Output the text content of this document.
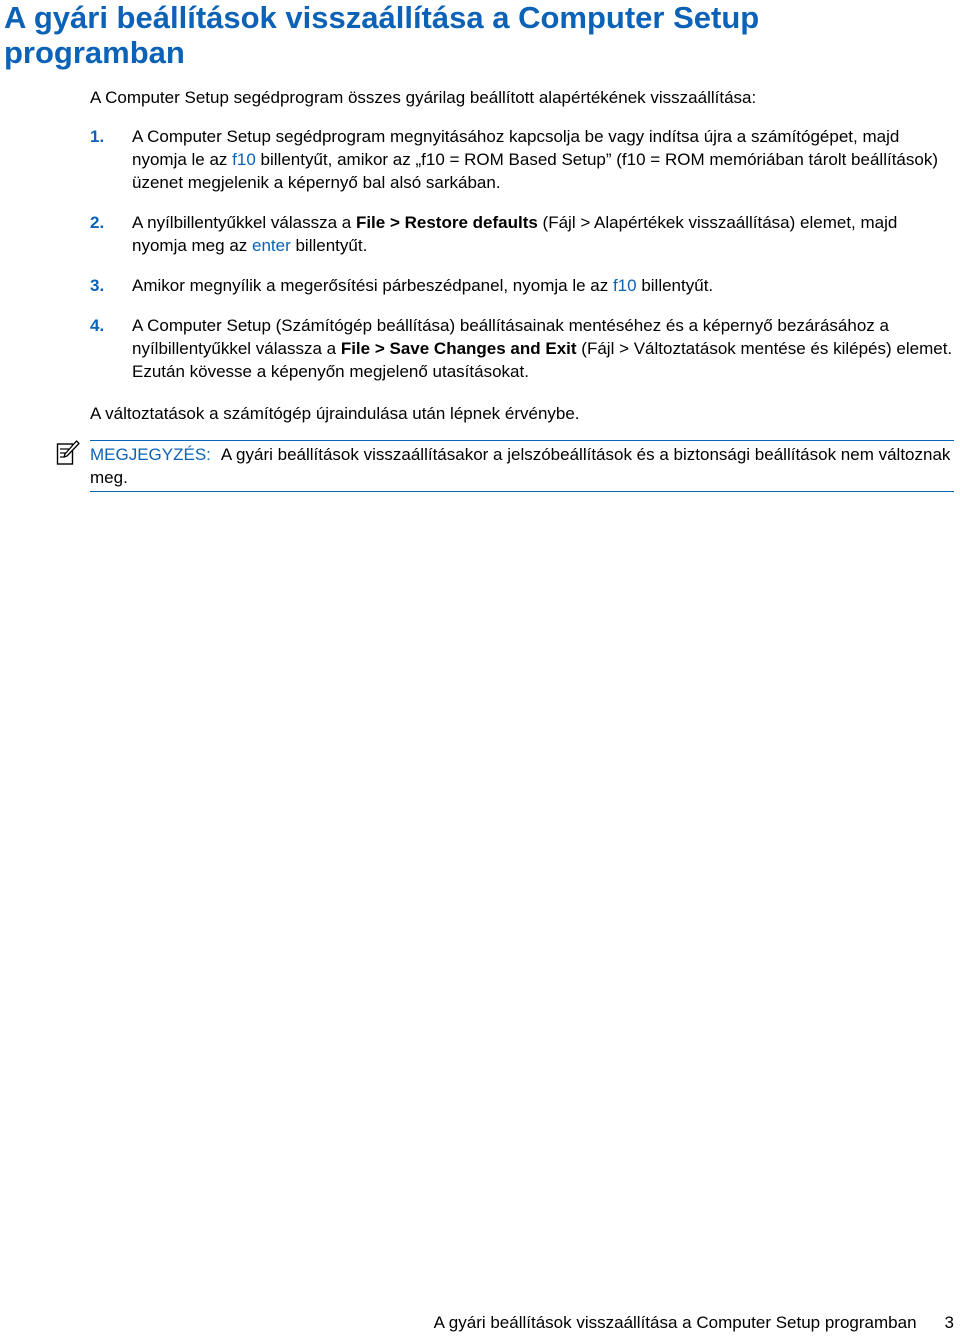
A gyári beállítások visszaállítása a Computer Setup programban

A Computer Setup segédprogram összes gyárilag beállított alapértékének visszaállítása:

1. A Computer Setup segédprogram megnyitásához kapcsolja be vagy indítsa újra a számítógépet, majd nyomja le az f10 billentyűt, amikor az „f10 = ROM Based Setup” (f10 = ROM memóriában tárolt beállítások) üzenet megjelenik a képernyő bal alsó sarkában.
2. A nyílbillentyűkkel válassza a File > Restore defaults (Fájl > Alapértékek visszaállítása) elemet, majd nyomja meg az enter billentyűt.
3. Amikor megnyílik a megerősítési párbeszédpanel, nyomja le az f10 billentyűt.
4. A Computer Setup (Számítógép beállítása) beállításainak mentéséhez és a képernyő bezárásához a nyílbillentyűkkel válassza a File > Save Changes and Exit (Fájl > Változtatások mentése és kilépés) elemet. Ezután kövesse a képenyőn megjelenő utasításokat.

A változtatások a számítógép újraindulása után lépnek érvénybe.

MEGJEGYZÉS: A gyári beállítások visszaállításakor a jelszóbeállítások és a biztonsági beállítások nem változnak meg.
A gyári beállítások visszaállítása a Computer Setup programban 3
